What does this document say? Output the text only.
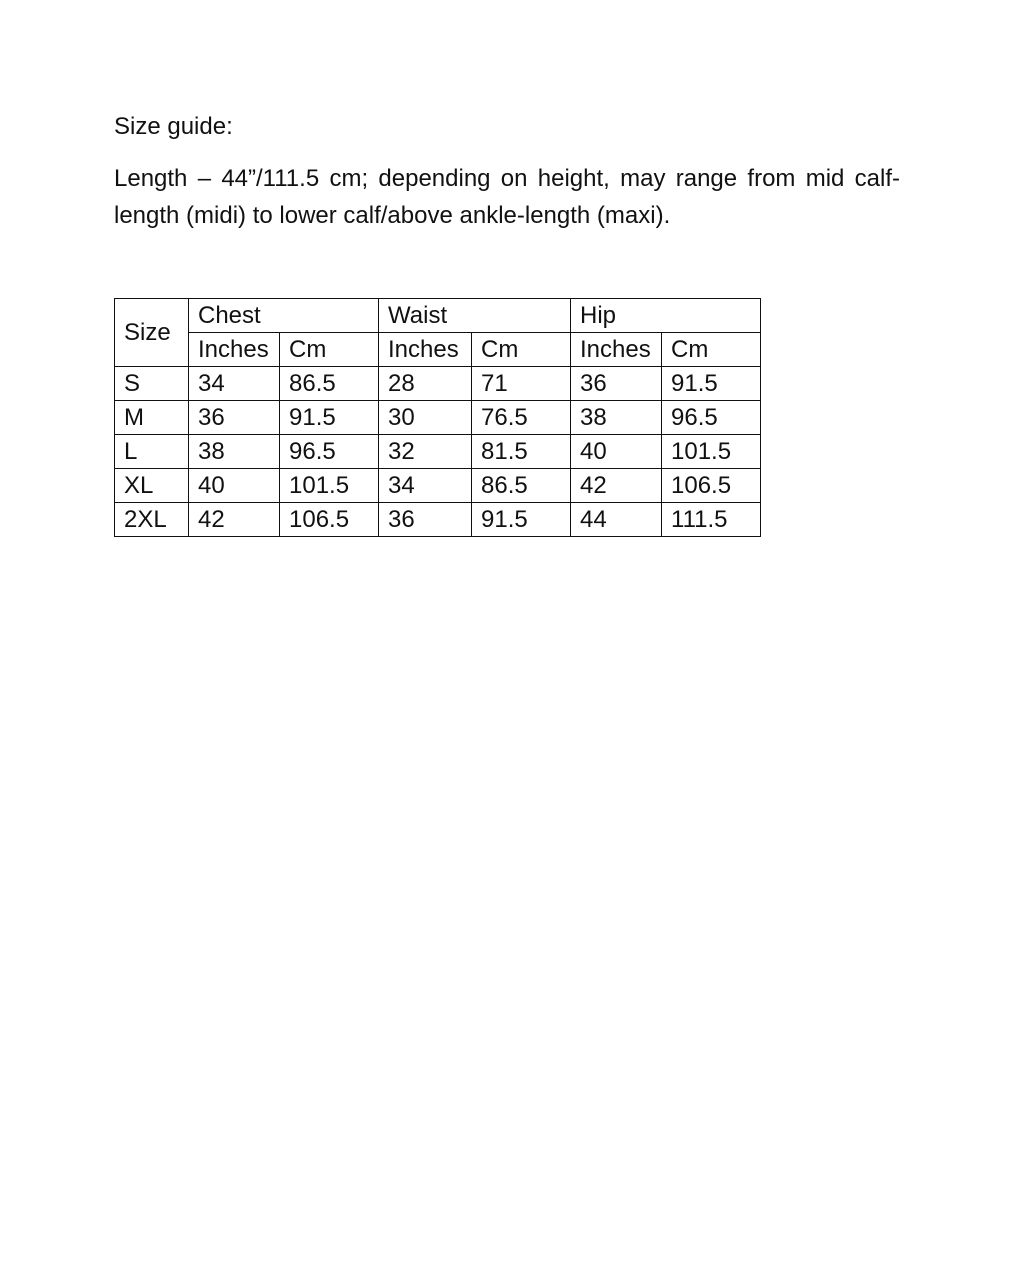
Size guide:

Length – 44”/111.5 cm; depending on height, may range from mid calf-length (midi) to lower calf/above ankle-length (maxi).

Size	Chest		Waist		Hip	
	Inches	Cm	Inches	Cm	Inches	Cm
S	34	86.5	28	71	36	91.5
M	36	91.5	30	76.5	38	96.5
L	38	96.5	32	81.5	40	101.5
XL	40	101.5	34	86.5	42	106.5
2XL	42	106.5	36	91.5	44	111.5
